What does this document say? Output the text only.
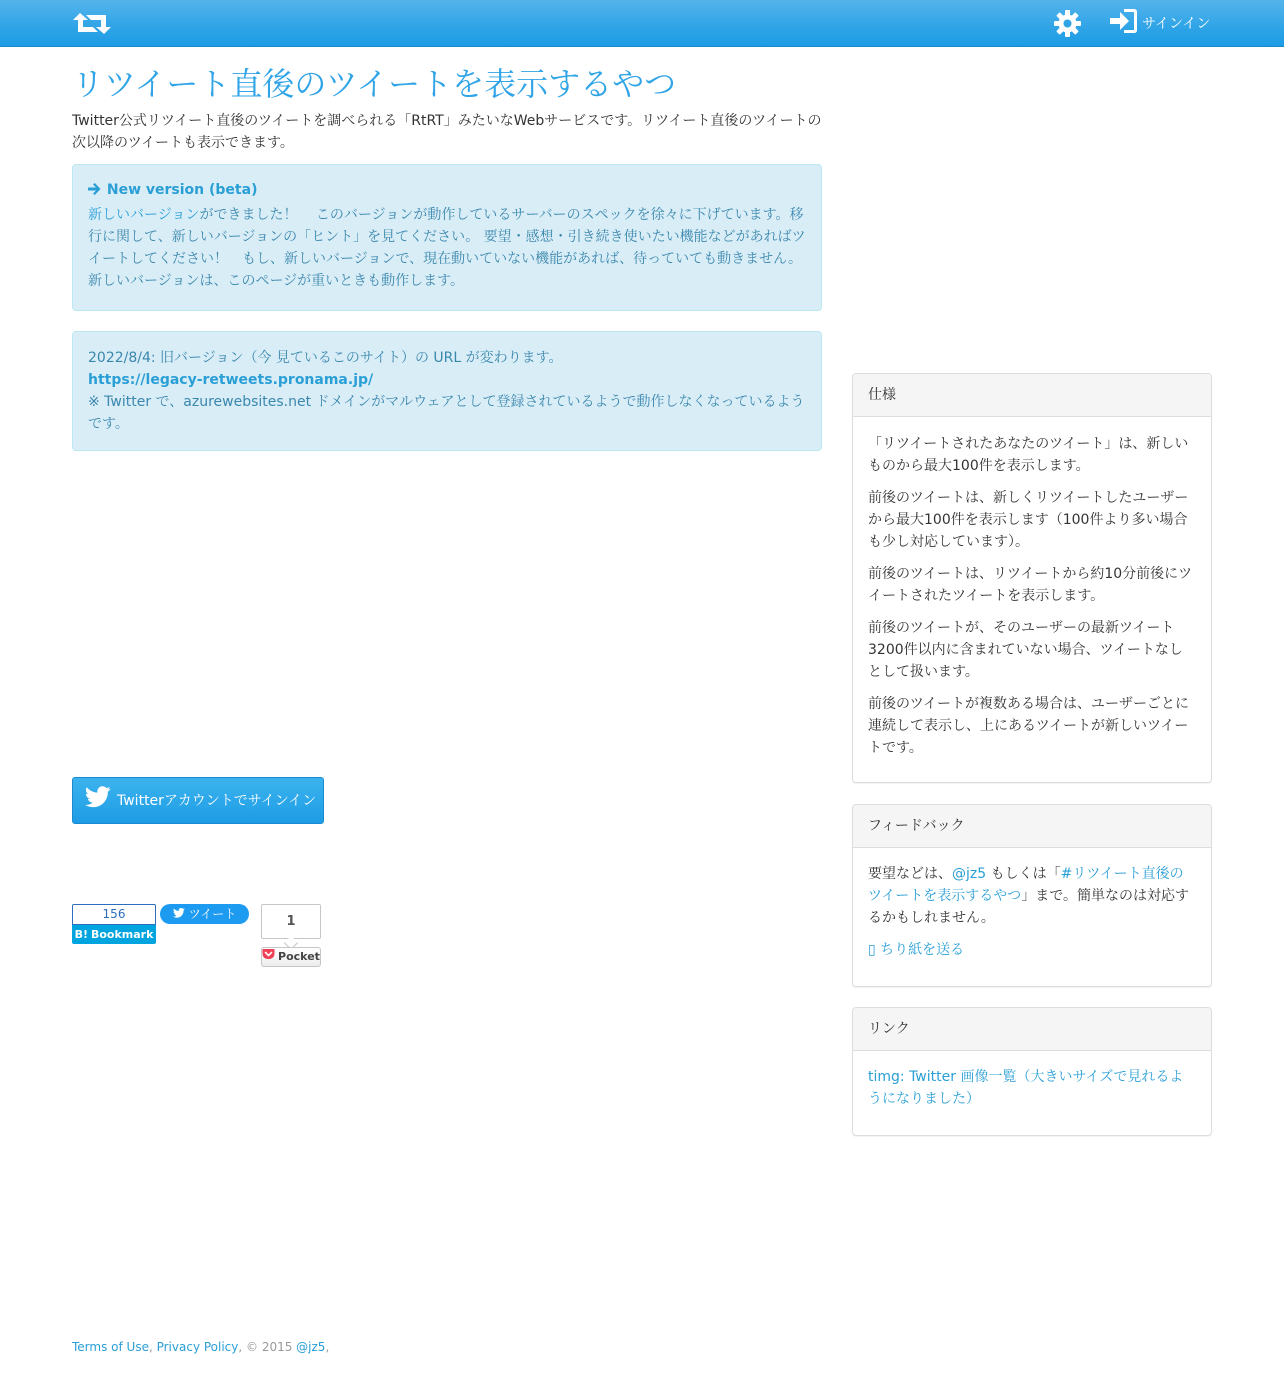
サインイン
リツイート直後のツイートを表示するやつ

Twitter公式リツイート直後のツイートを調べられる「RtRT」みたいなWebサービスです。リツイート直後のツイートの次以降のツイートも表示できます。

New version (beta)

新しいバージョンができました！　 このバージョンが動作しているサーバーのスペックを徐々に下げています。移行に関して、新しいバージョンの「ヒント」を見てください。 要望・感想・引き続き使いたい機能などがあればツイートしてください！　もし、新しいバージョンで、現在動いていない機能があれば、待っていても動きません。 新しいバージョンは、このページが重いときも動作します。

2022/8/4: 旧バージョン（今 見ているこのサイト）の URL が変わります。

https://legacy-retweets.pronama.jp/

※ Twitter で、azurewebsites.net ドメインがマルウェアとして登録されているようで動作しなくなっているようです。

Twitterアカウントでサインイン
156
B! Bookmark
ツイート	1
Pocket
仕様

「リツイートされたあなたのツイート」は、新しいものから最大100件を表示します。

前後のツイートは、新しくリツイートしたユーザーから最大100件を表示します（100件より多い場合も少し対応しています）。

前後のツイートは、リツイートから約10分前後にツイートされたツイートを表示します。

前後のツイートが、そのユーザーの最新ツイート3200件以内に含まれていない場合、ツイートなしとして扱います。

前後のツイートが複数ある場合は、ユーザーごとに連続して表示し、上にあるツイートが新しいツイートです。

フィードバック

要望などは、@jz5 もしくは「#リツイート直後のツイートを表示するやつ」まで。簡単なのは対応するかもしれません。

▯ ちり紙を送る

リンク

timg: Twitter 画像一覧（大きいサイズで見れるようになりました）

Terms of Use, Privacy Policy, © 2015 @jz5,
